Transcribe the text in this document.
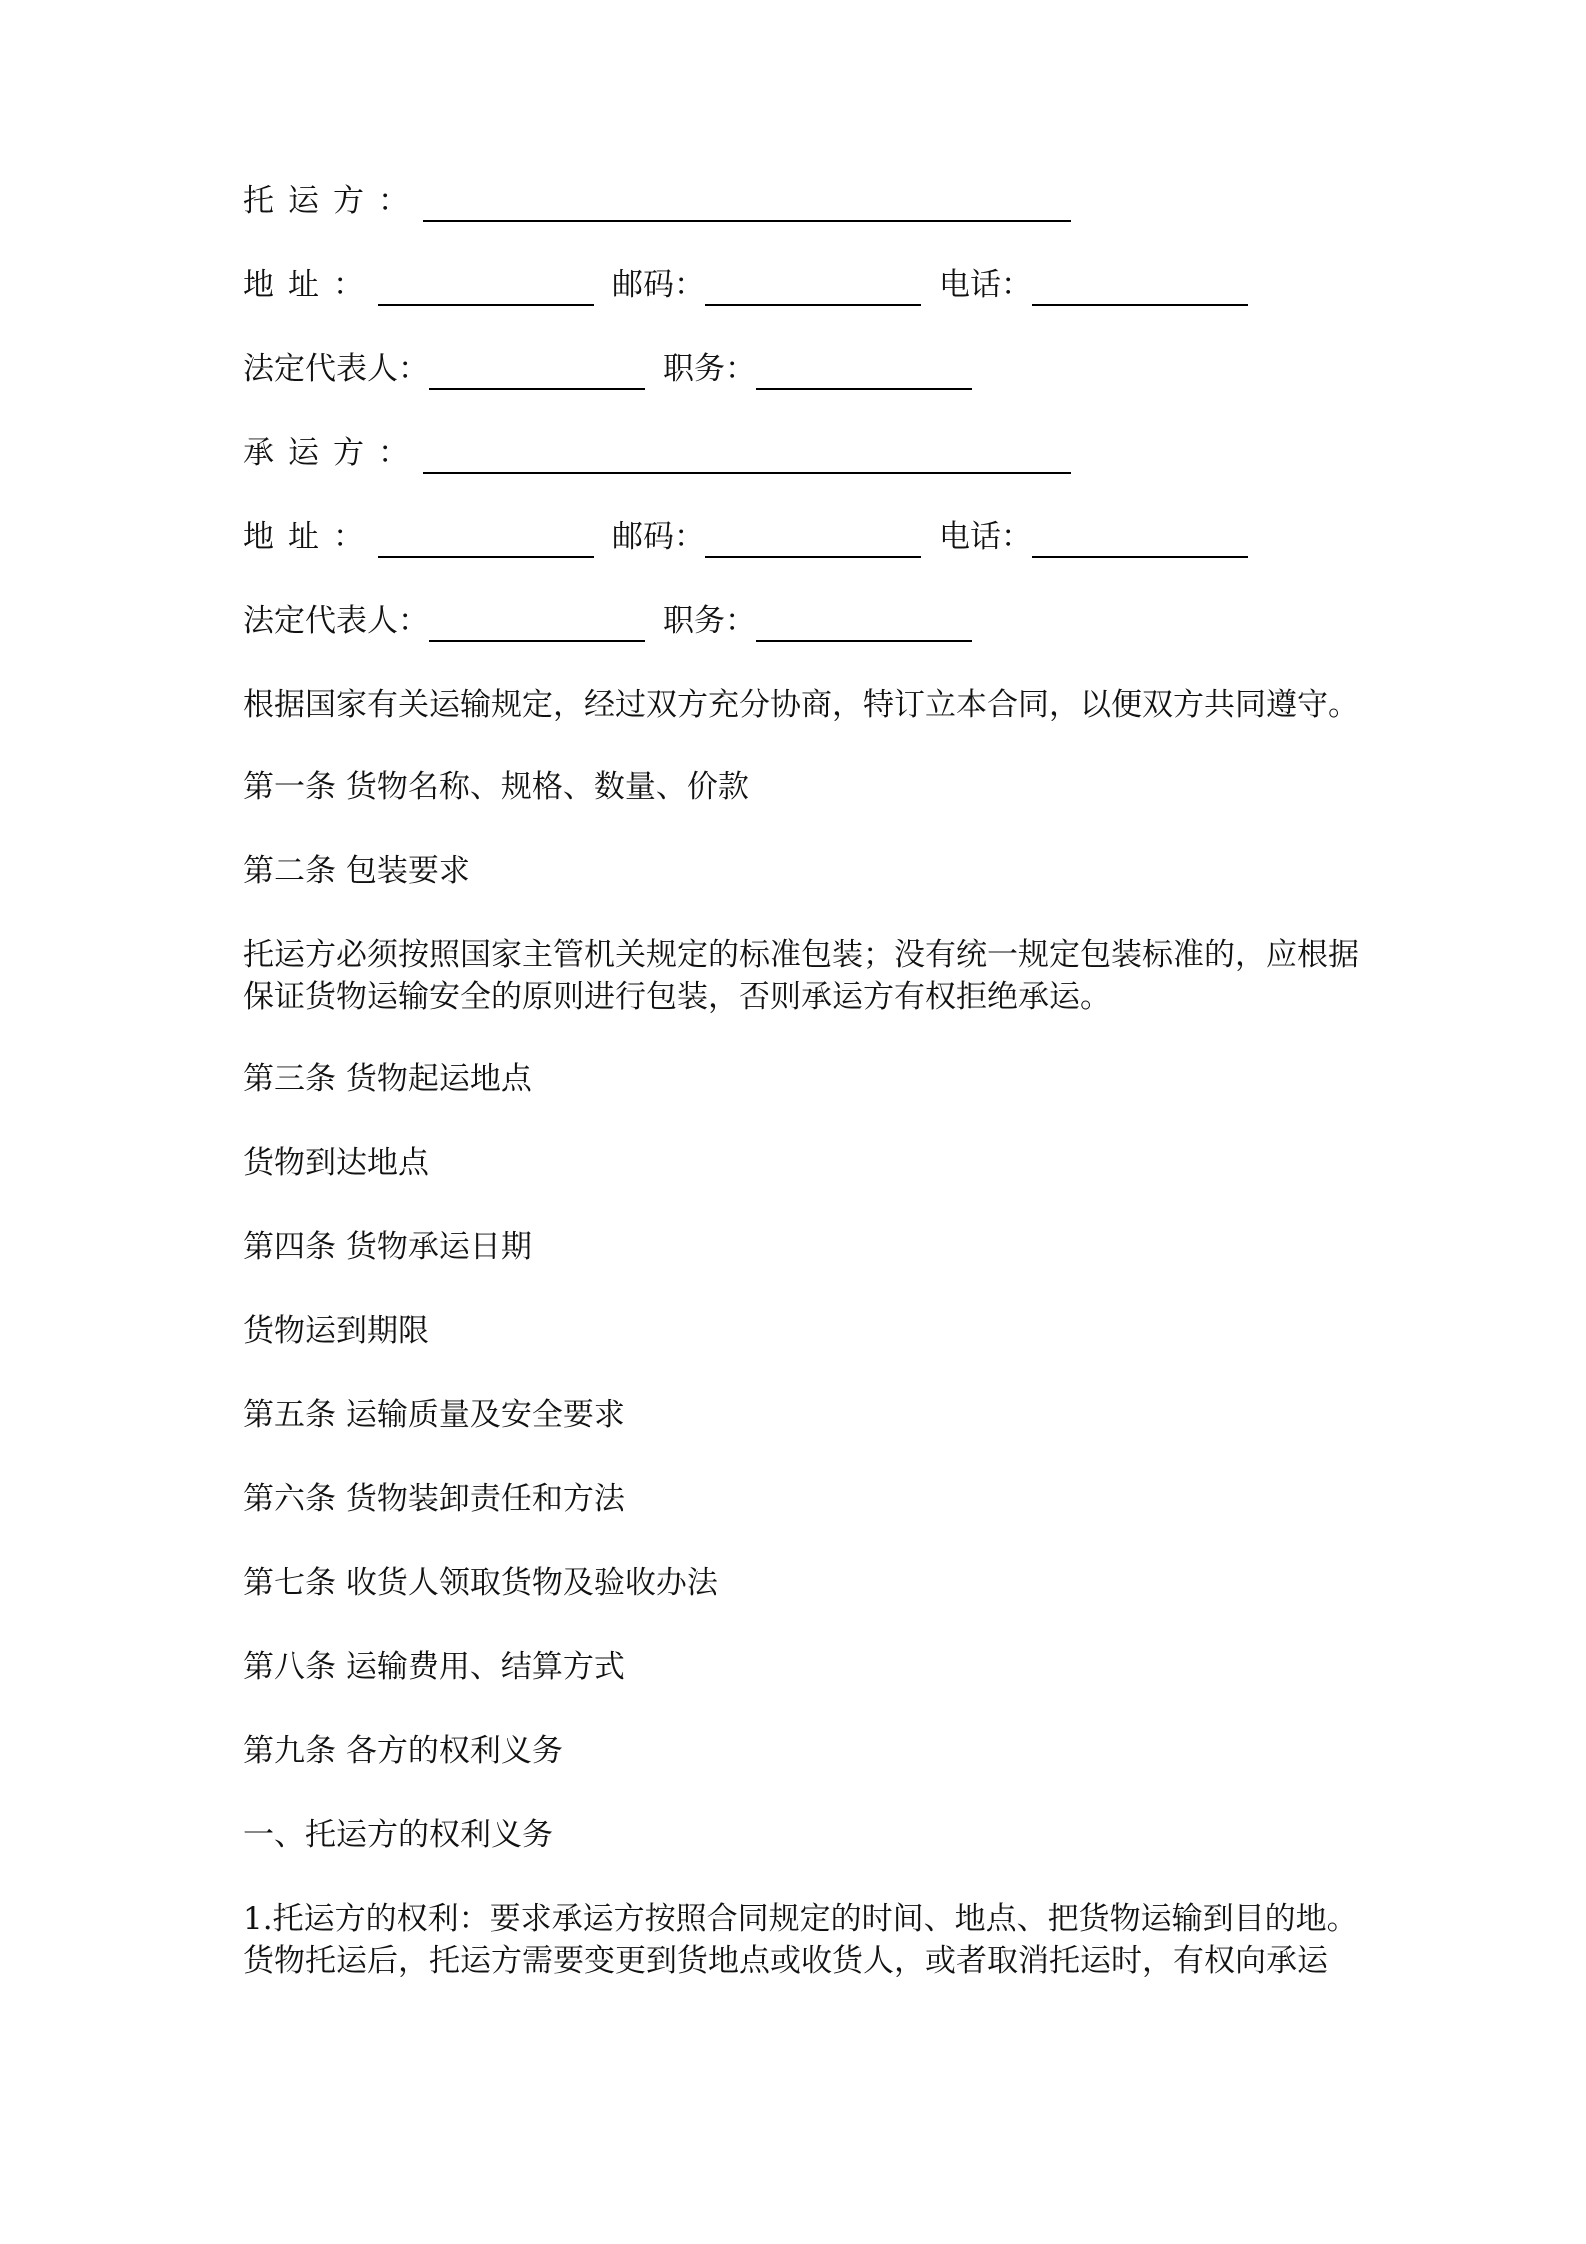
托运方：
地址：	邮码：	电话：
法定代表人：	职务：
承运方：
地址：	邮码：	电话：
法定代表人：	职务：
根据国家有关运输规定，经过双方充分协商，特订立本合同，以便双方共同遵守。
第一条 货物名称、规格、数量、价款
第二条 包装要求
托运方必须按照国家主管机关规定的标准包装；没有统一规定包装标准的，应根据保证货物运输安全的原则进行包装，否则承运方有权拒绝承运。
第三条 货物起运地点
货物到达地点
第四条 货物承运日期
货物运到期限
第五条 运输质量及安全要求
第六条 货物装卸责任和方法
第七条 收货人领取货物及验收办法
第八条 运输费用、结算方式
第九条 各方的权利义务
一、托运方的权利义务
1.托运方的权利：要求承运方按照合同规定的时间、地点、把货物运输到目的地。货物托运后，托运方需要变更到货地点或收货人，或者取消托运时，有权向承运
